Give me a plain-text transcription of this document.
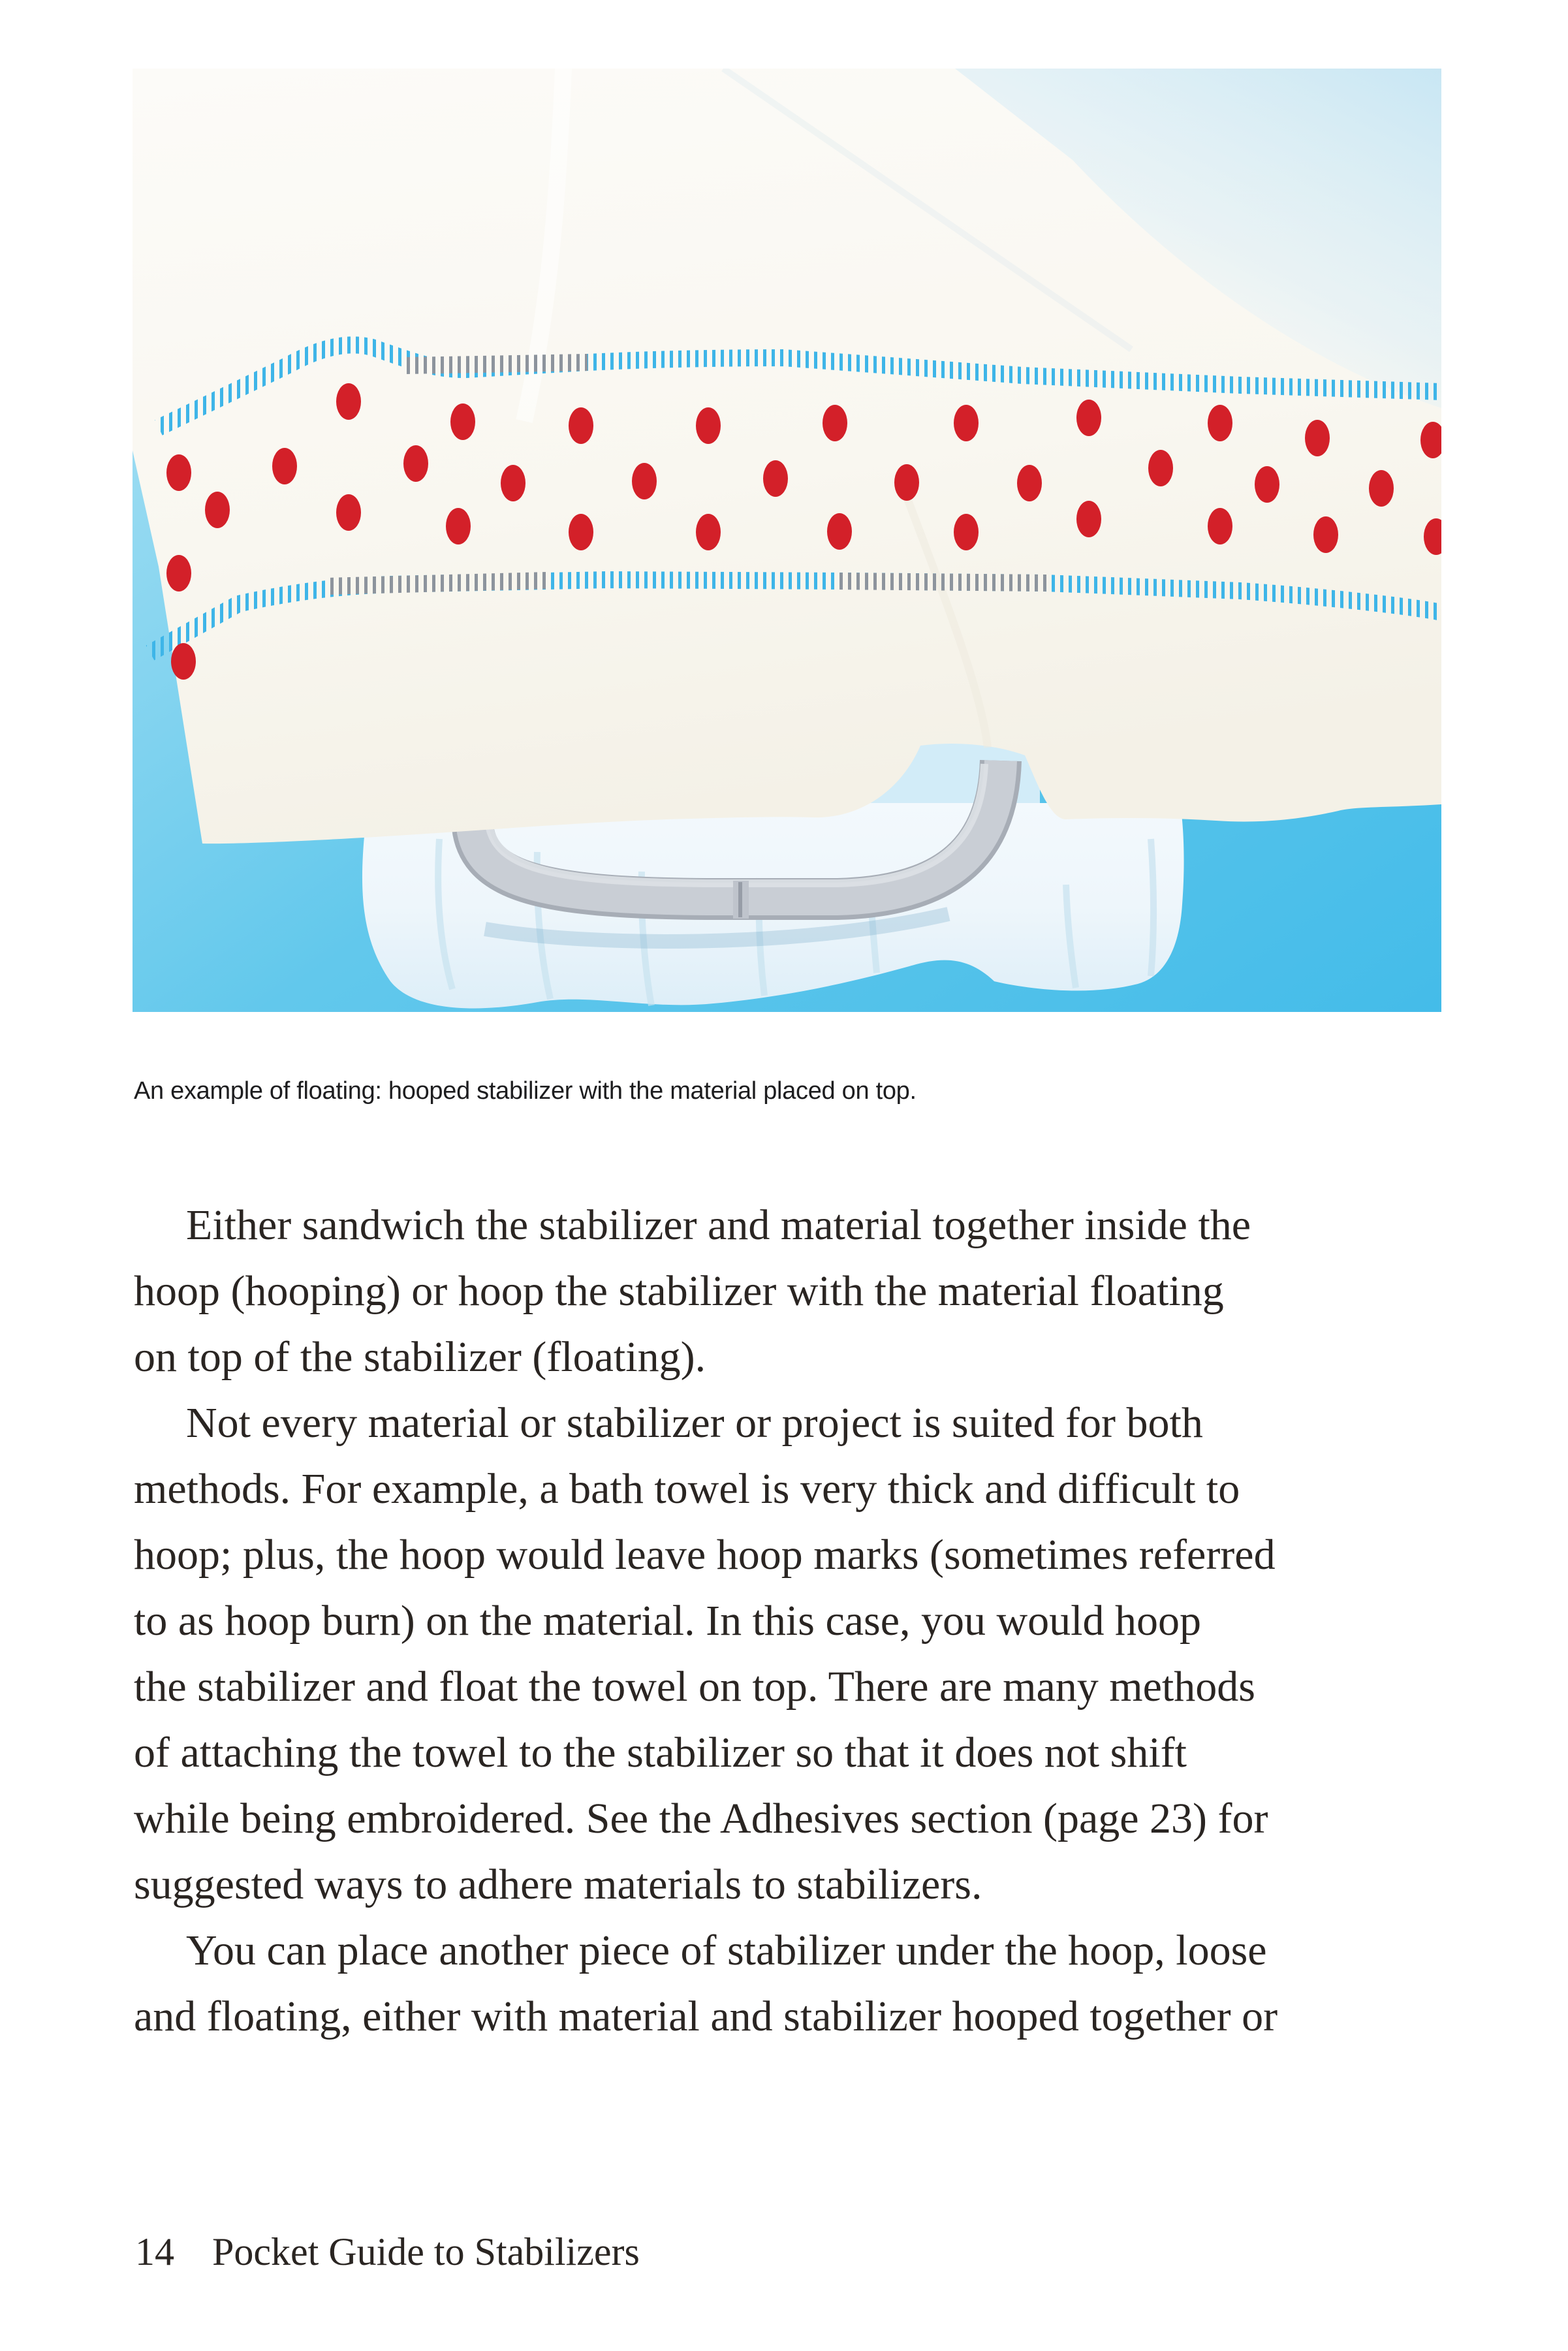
An example of floating: hooped stabilizer with the material placed on top.
Either sandwich the stabilizer and material together inside the
hoop (hooping) or hoop the stabilizer with the material floating
on top of the stabilizer (floating).
Not every material or stabilizer or project is suited for both
methods. For example, a bath towel is very thick and difficult to
hoop; plus, the hoop would leave hoop marks (sometimes referred
to as hoop burn) on the material. In this case, you would hoop
the stabilizer and float the towel on top. There are many methods
of attaching the towel to the stabilizer so that it does not shift
while being embroidered. See the Adhesives section (page 23) for
suggested ways to adhere materials to stabilizers.
You can place another piece of stabilizer under the hoop, loose
and floating, either with material and stabilizer hooped together or
14 Pocket Guide to Stabilizers
